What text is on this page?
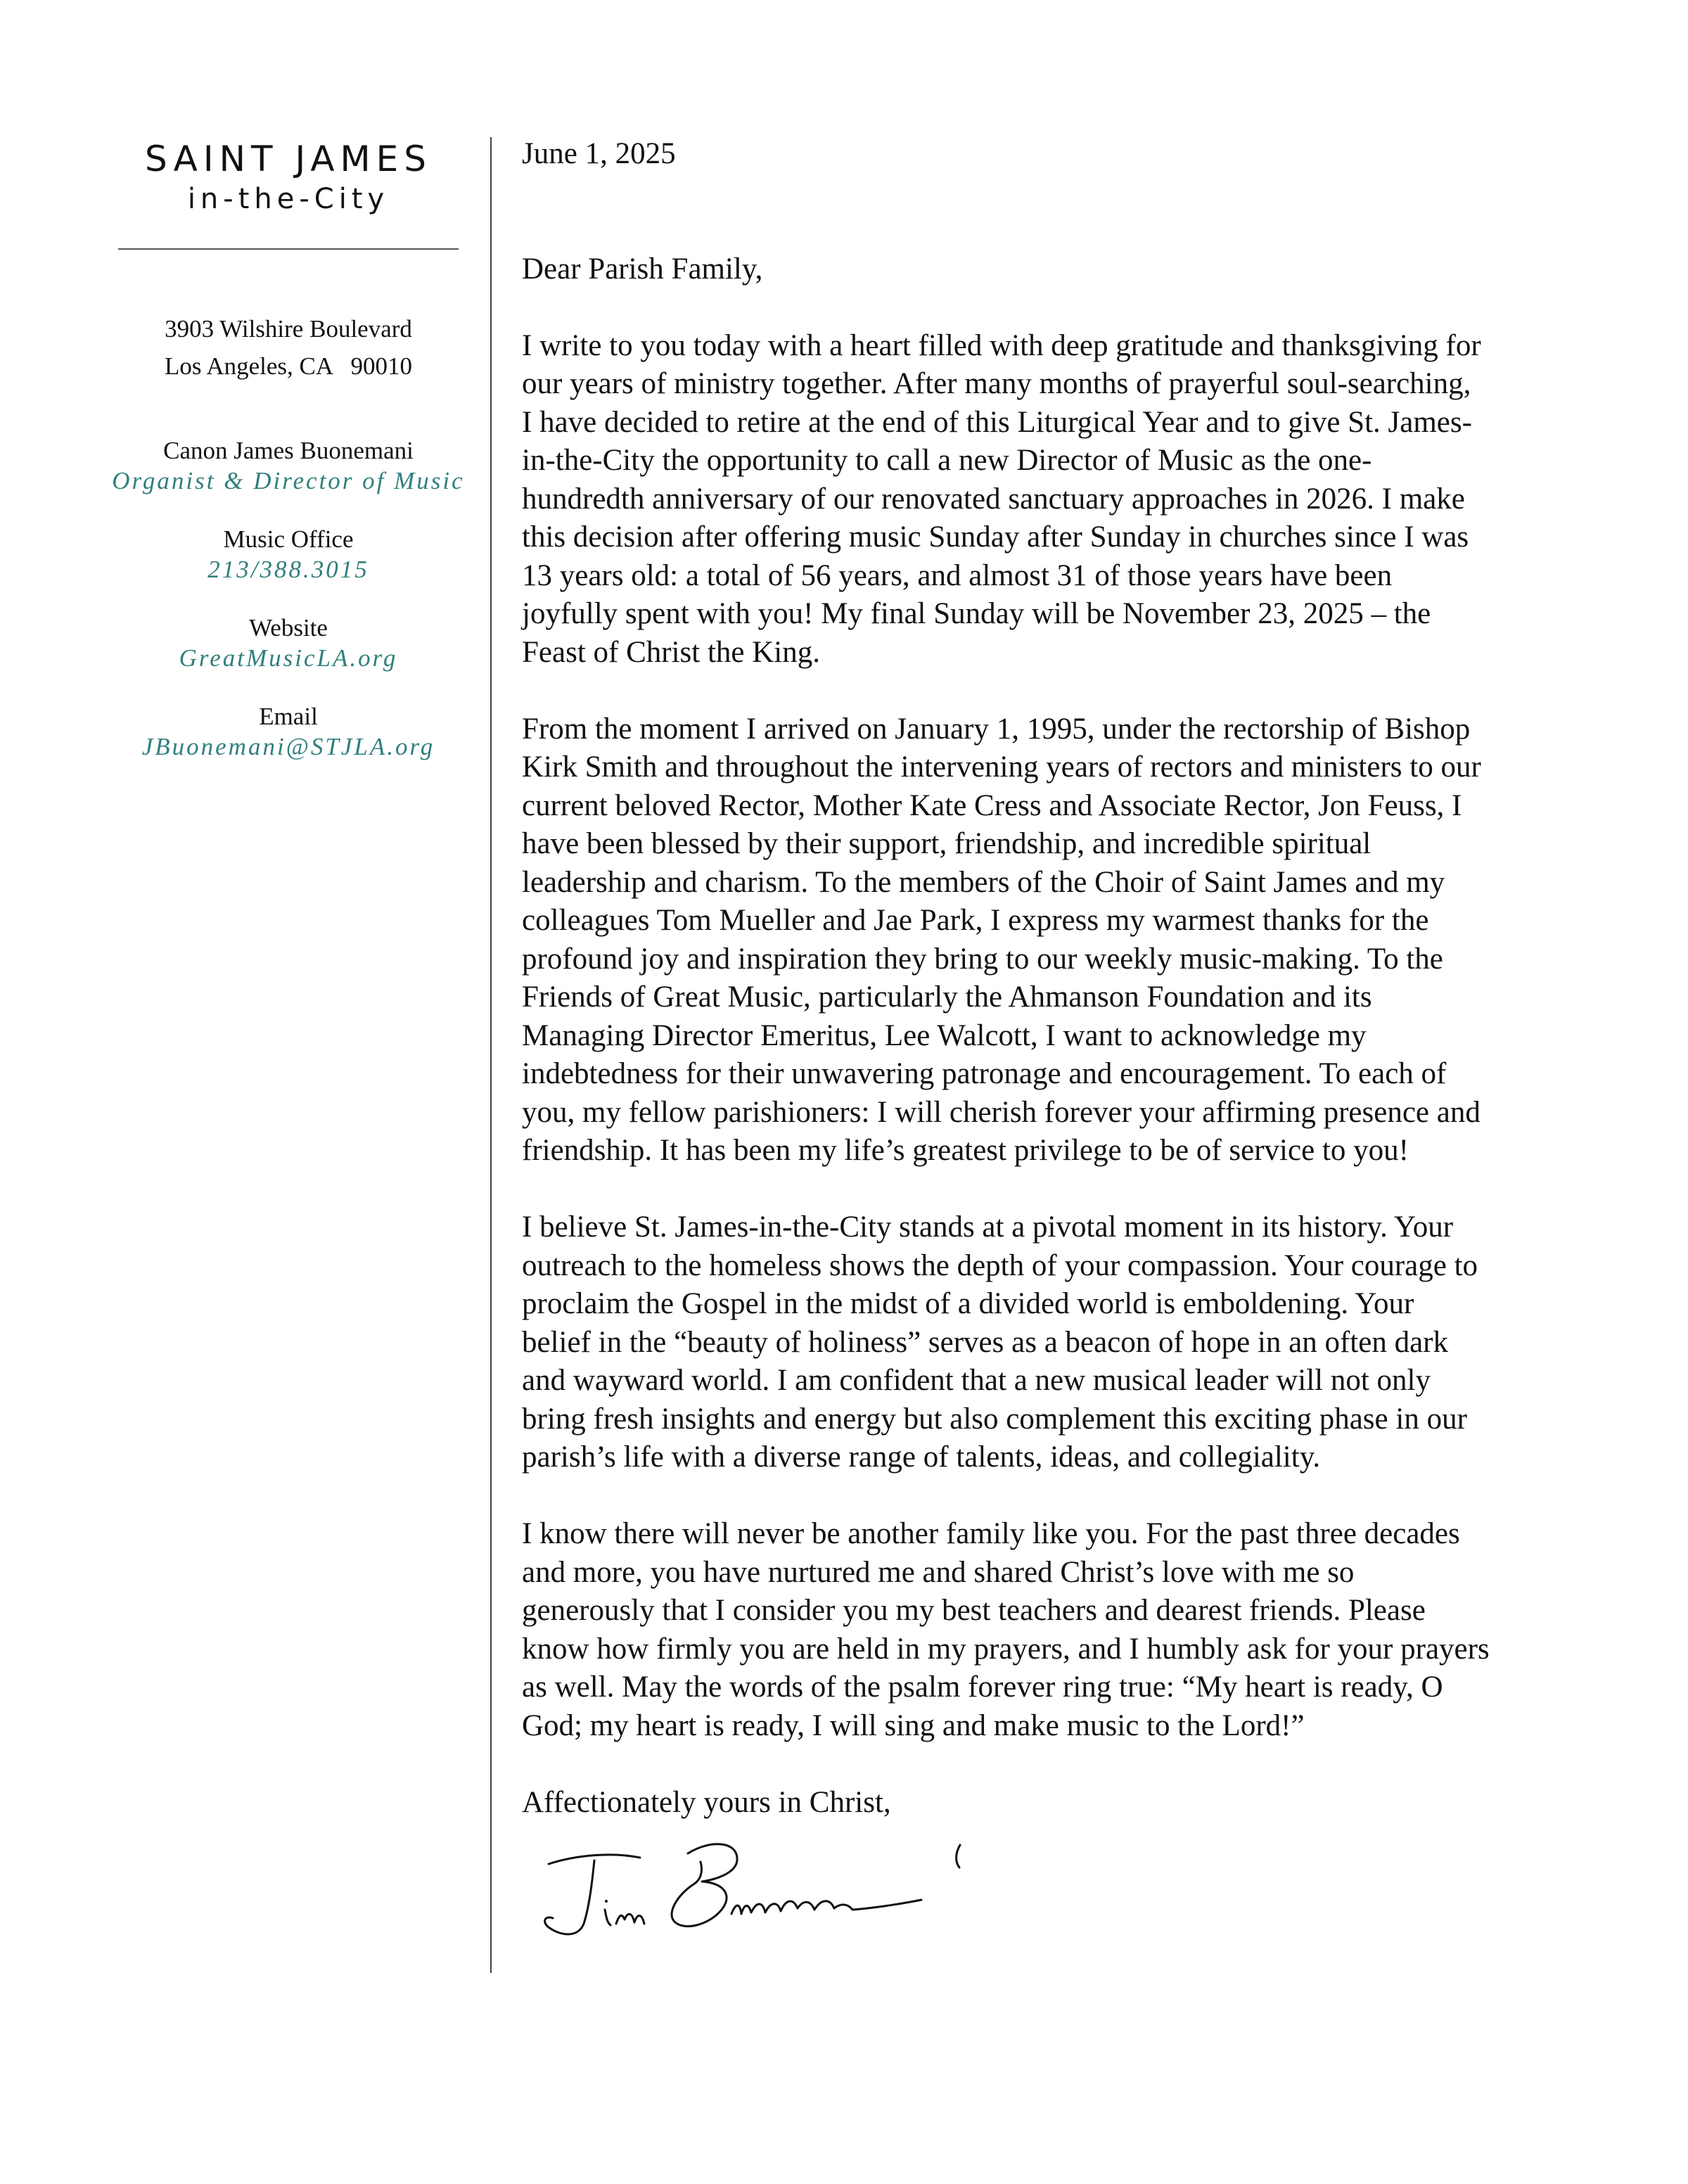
SAINT JAMES
in-the-City
3903 Wilshire Boulevard
Los Angeles, CA   90010
Canon James Buonemani
Organist & Director of Music
Music Office
213/388.3015
Website
GreatMusicLA.org
Email
JBuonemani@STJLA.org

June 1, 2025

Dear Parish Family,

I write to you today with a heart filled with deep gratitude and thanksgiving for
our years of ministry together. After many months of prayerful soul-searching,
I have decided to retire at the end of this Liturgical Year and to give St. James-
in-the-City the opportunity to call a new Director of Music as the one-
hundredth anniversary of our renovated sanctuary approaches in 2026. I make
this decision after offering music Sunday after Sunday in churches since I was
13 years old: a total of 56 years, and almost 31 of those years have been
joyfully spent with you! My final Sunday will be November 23, 2025 – the
Feast of Christ the King.

From the moment I arrived on January 1, 1995, under the rectorship of Bishop
Kirk Smith and throughout the intervening years of rectors and ministers to our
current beloved Rector, Mother Kate Cress and Associate Rector, Jon Feuss, I
have been blessed by their support, friendship, and incredible spiritual
leadership and charism. To the members of the Choir of Saint James and my
colleagues Tom Mueller and Jae Park, I express my warmest thanks for the
profound joy and inspiration they bring to our weekly music-making. To the
Friends of Great Music, particularly the Ahmanson Foundation and its
Managing Director Emeritus, Lee Walcott, I want to acknowledge my
indebtedness for their unwavering patronage and encouragement. To each of
you, my fellow parishioners: I will cherish forever your affirming presence and
friendship. It has been my life’s greatest privilege to be of service to you!

I believe St. James-in-the-City stands at a pivotal moment in its history. Your
outreach to the homeless shows the depth of your compassion. Your courage to
proclaim the Gospel in the midst of a divided world is emboldening. Your
belief in the “beauty of holiness” serves as a beacon of hope in an often dark
and wayward world. I am confident that a new musical leader will not only
bring fresh insights and energy but also complement this exciting phase in our
parish’s life with a diverse range of talents, ideas, and collegiality.

I know there will never be another family like you. For the past three decades
and more, you have nurtured me and shared Christ’s love with me so
generously that I consider you my best teachers and dearest friends. Please
know how firmly you are held in my prayers, and I humbly ask for your prayers
as well. May the words of the psalm forever ring true: “My heart is ready, O
God; my heart is ready, I will sing and make music to the Lord!”

Affectionately yours in Christ,
